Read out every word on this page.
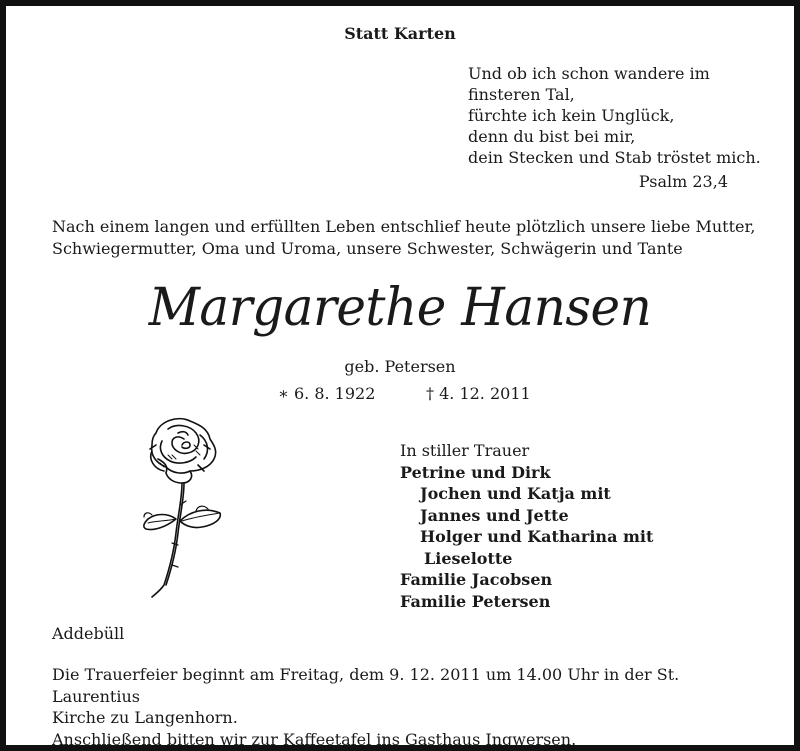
Statt Karten
Und ob ich schon wandere im
finsteren Tal,
fürchte ich kein Unglück,
denn du bist bei mir,
dein Stecken und Stab tröstet mich.
Psalm 23,4
Nach einem langen und erfüllten Leben entschlief heute plötzlich unsere liebe Mutter,
Schwiegermutter, Oma und Uroma, unsere Schwester, Schwägerin und Tante
Margarethe Hansen
geb. Petersen
∗ 6. 8. 1922	† 4. 12. 2011
In stiller Trauer
Petrine und Dirk
Jochen und Katja mit
Jannes und Jette
Holger und Katharina mit
Lieselotte
Familie Jacobsen
Familie Petersen
Addebüll
Die Trauerfeier beginnt am Freitag, dem 9. 12. 2011 um 14.00 Uhr in der St. Laurentius
Kirche zu Langenhorn.
Anschließend bitten wir zur Kaffeetafel ins Gasthaus Ingwersen.
